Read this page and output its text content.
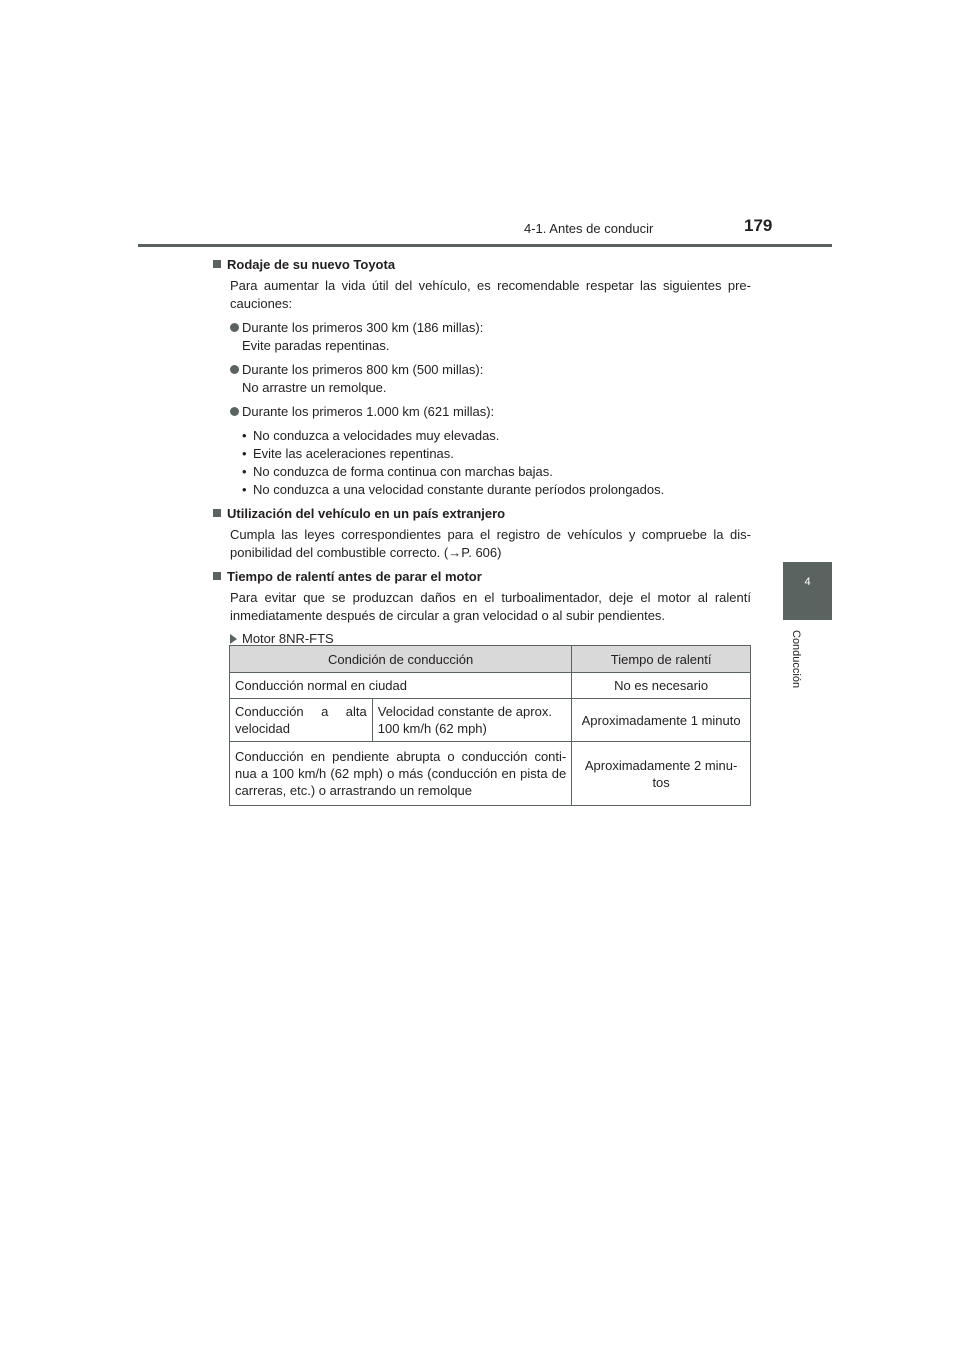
4-1. Antes de conducir	179
4
Conducción
Rodaje de su nuevo Toyota
Para aumentar la vida útil del vehículo, es recomendable respetar las siguientes pre-cauciones:
Durante los primeros 300 km (186 millas):
Evite paradas repentinas.
Durante los primeros 800 km (500 millas):
No arrastre un remolque.
Durante los primeros 1.000 km (621 millas):
• No conduzca a velocidades muy elevadas.
• Evite las aceleraciones repentinas.
• No conduzca de forma continua con marchas bajas.
• No conduzca a una velocidad constante durante períodos prolongados.
Utilización del vehículo en un país extranjero
Cumpla las leyes correspondientes para el registro de vehículos y compruebe la dis-ponibilidad del combustible correcto. (→P. 606)
Tiempo de ralentí antes de parar el motor
Para evitar que se produzcan daños en el turboalimentador, deje el motor al ralentí inmediatamente después de circular a gran velocidad o al subir pendientes.
Motor 8NR-FTS
Condición de conducción		Tiempo de ralentí
Conducción normal en ciudad		No es necesario
Conducción a alta velocidad	Velocidad constante de aprox. 100 km/h (62 mph)	Aproximadamente 1 minuto
Conducción en pendiente abrupta o conducción conti-nua a 100 km/h (62 mph) o más (conducción en pista de carreras, etc.) o arrastrando un remolque		Aproximadamente 2 minu-tos
